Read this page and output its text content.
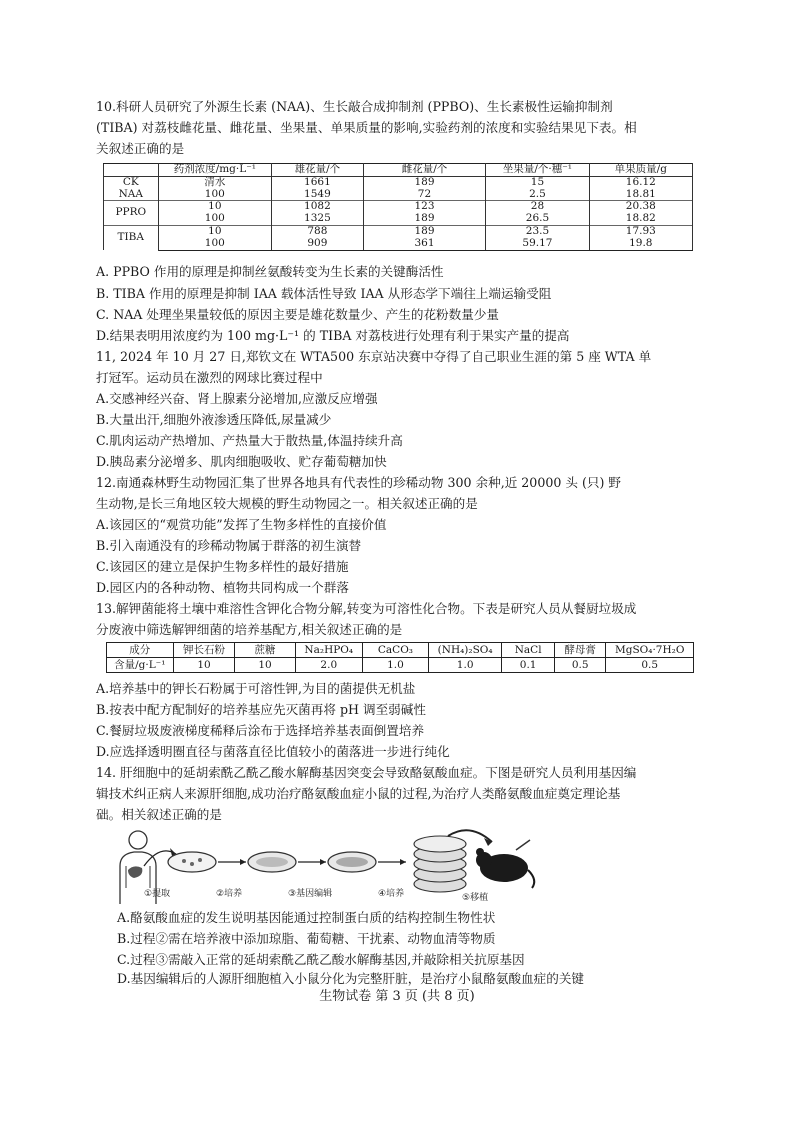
10.科研人员研究了外源生长素 (NAA)、生长敲合成抑制剂 (PPBO)、生长素极性运输抑制剂
(TIBA) 对荔枝雌花量、雌花量、坐果量、单果质量的影响,实验药剂的浓度和实验结果见下表。相
关叙述正确的是
	药剂浓度/mg·L⁻¹	雄花量/个	雌花量/个	坐果量/个·穗⁻¹	单果质量/g
CK	清水	1661	189	15	16.12
NAA	100	1549	72	2.5	18.81
PPRO	10	1082	123	28	20.38
	100	1325	189	26.5	18.82
TIBA	10	788	189	23.5	17.93
	100	909	361	59.17	19.8
A. PPBO 作用的原理是抑制丝氨酸转变为生长素的关键酶活性
B. TIBA 作用的原理是抑制 IAA 载体活性导致 IAA 从形态学下端往上端运输受阻
C. NAA 处理坐果量较低的原因主要是雄花数量少、产生的花粉数量少量
D.结果表明用浓度约为 100 mg·L⁻¹ 的 TIBA 对荔枝进行处理有利于果实产量的提高
11, 2024 年 10 月 27 日,郑钦文在 WTA500 东京站决赛中夺得了自己职业生涯的第 5 座 WTA 单
打冠军。运动员在激烈的网球比赛过程中
A.交感神经兴奋、肾上腺素分泌增加,应激反应增强
B.大量出汗,细胞外液渗透压降低,尿量减少
C.肌肉运动产热增加、产热量大于散热量,体温持续升高
D.胰岛素分泌增多、肌肉细胞吸收、贮存葡萄糖加快
12.南通森林野生动物园汇集了世界各地具有代表性的珍稀动物 300 余种,近 20000 头 (只) 野
生动物,是长三角地区较大规模的野生动物园之一。相关叙述正确的是
A.该园区的“观赏功能”发挥了生物多样性的直接价值
B.引入南通没有的珍稀动物属于群落的初生演替
C.该园区的建立是保护生物多样性的最好措施
D.园区内的各种动物、植物共同构成一个群落
13.解钾菌能将土壤中难溶性含钾化合物分解,转变为可溶性化合物。下表是研究人员从餐厨垃圾成
分废液中筛选解钾细菌的培养基配方,相关叙述正确的是
成分	钾长石粉	蔗糖	Na₂HPO₄	CaCO₃	(NH₄)₂SO₄	NaCl	酵母膏	MgSO₄·7H₂O
含量/g·L⁻¹	10	10	2.0	1.0	1.0	0.1	0.5	0.5
A.培养基中的钾长石粉属于可溶性钾,为目的菌提供无机盐
B.按表中配方配制好的培养基应先灭菌再将 pH 调至弱碱性
C.餐厨垃圾废液梯度稀释后涂布于选择培养基表面倒置培养
D.应选择透明圈直径与菌落直径比值较小的菌落进一步进行纯化
14. 肝细胞中的延胡索酰乙酰乙酸水解酶基因突变会导致酪氨酸血症。下图是研究人员利用基因编
辑技术纠正病人来源肝细胞,成功治疗酪氨酸血症小鼠的过程,为治疗人类酪氨酸血症奠定理论基
础。相关叙述正确的是
①提取	②培养	③基因编辑	④培养	⑤移植
A.酪氨酸血症的发生说明基因能通过控制蛋白质的结构控制生物性状
B.过程②需在培养液中添加琼脂、葡萄糖、干扰素、动物血清等物质
C.过程③需敲入正常的延胡索酰乙酰乙酸水解酶基因,并敲除相关抗原基因
D.基因编辑后的人源肝细胞植入小鼠分化为完整肝脏，是治疗小鼠酪氨酸血症的关键
生物试卷 第 3 页 (共 8 页)
